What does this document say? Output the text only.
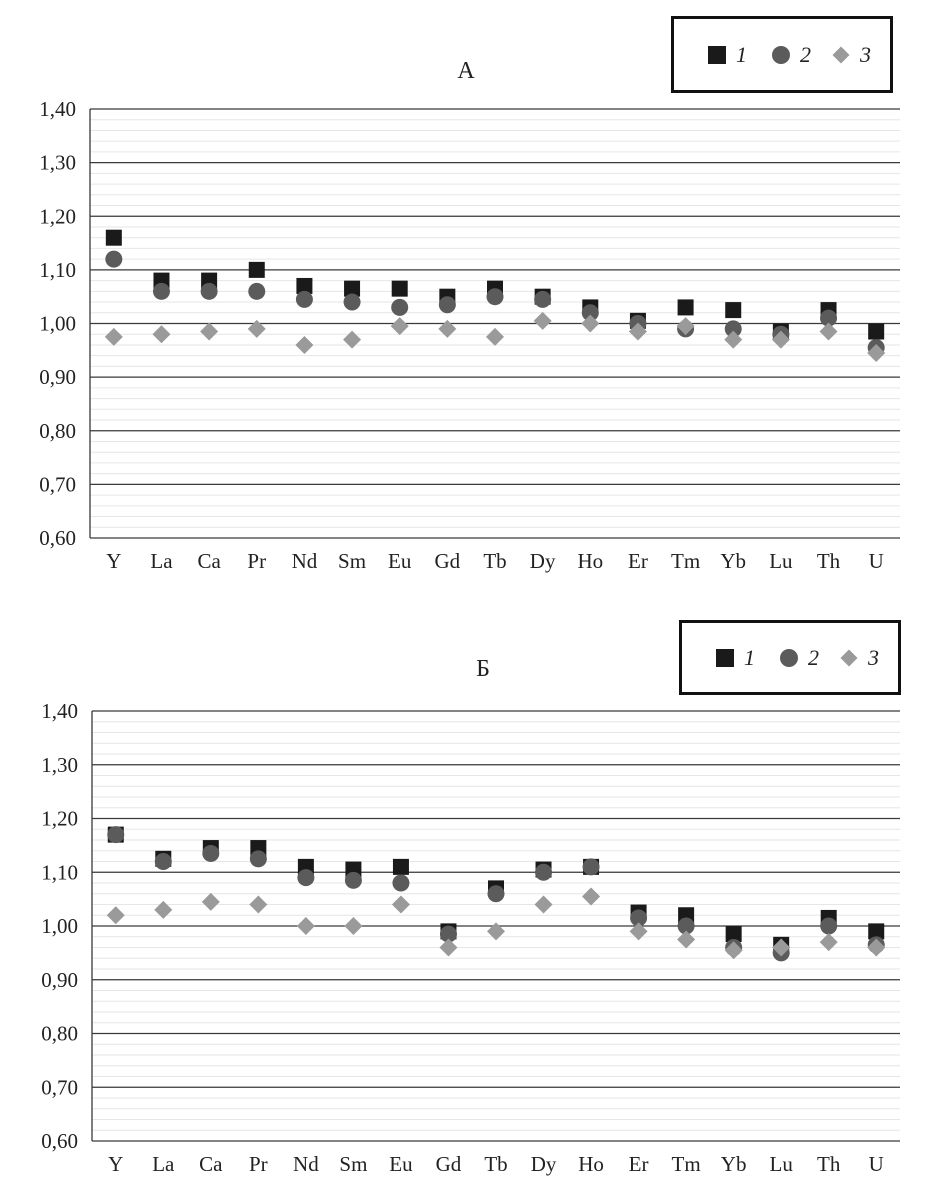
0,60
0,70
0,80
0,90
1,00
1,10
1,20
1,30
1,40
Y La Ca Pr Nd Sm Eu Gd Tb Dy Ho Er Tm Yb Lu Th U
А
1 2 3
0,60
0,70
0,80
0,90
1,00
1,10
1,20
1,30
1,40
Y La Ca Pr Nd Sm Eu Gd Tb Dy Ho Er Tm Yb Lu Th U
Б	1 2 3
